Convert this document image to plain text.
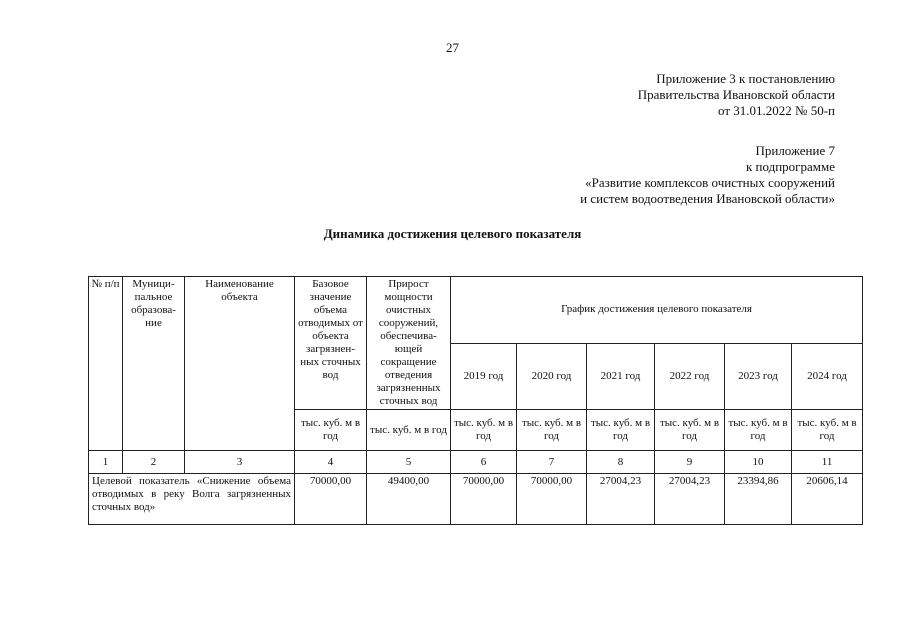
27
Приложение 3 к постановлению
Правительства Ивановской области
от 31.01.2022 № 50-п
Приложение 7
к подпрограмме
«Развитие комплексов очистных сооружений
и систем водоотведения Ивановской области»
Динамика достижения целевого показателя
№ п/п	Муници-пальное образова-ние	Наименование объекта	Базовое значение объема отводимых от объекта загрязнен-ных сточных вод	Прирост мощности очистных сооружений, обеспечива-ющей сокращение отведения загрязненных сточных вод	График достижения целевого показателя					
					2019 год	2020 год	2021 год	2022 год	2023 год	2024 год
			тыс. куб. м в год	тыс. куб. м в год	тыс. куб. м в год	тыс. куб. м в год	тыс. куб. м в год	тыс. куб. м в год	тыс. куб. м в год	тыс. куб. м в год
1	2	3	4	5	6	7	8	9	10	11
Целевой показатель «Снижение объема отводимых в реку Волга загрязненных сточных вод»			70000,00	49400,00	70000,00	70000,00	27004,23	27004,23	23394,86	20606,14
